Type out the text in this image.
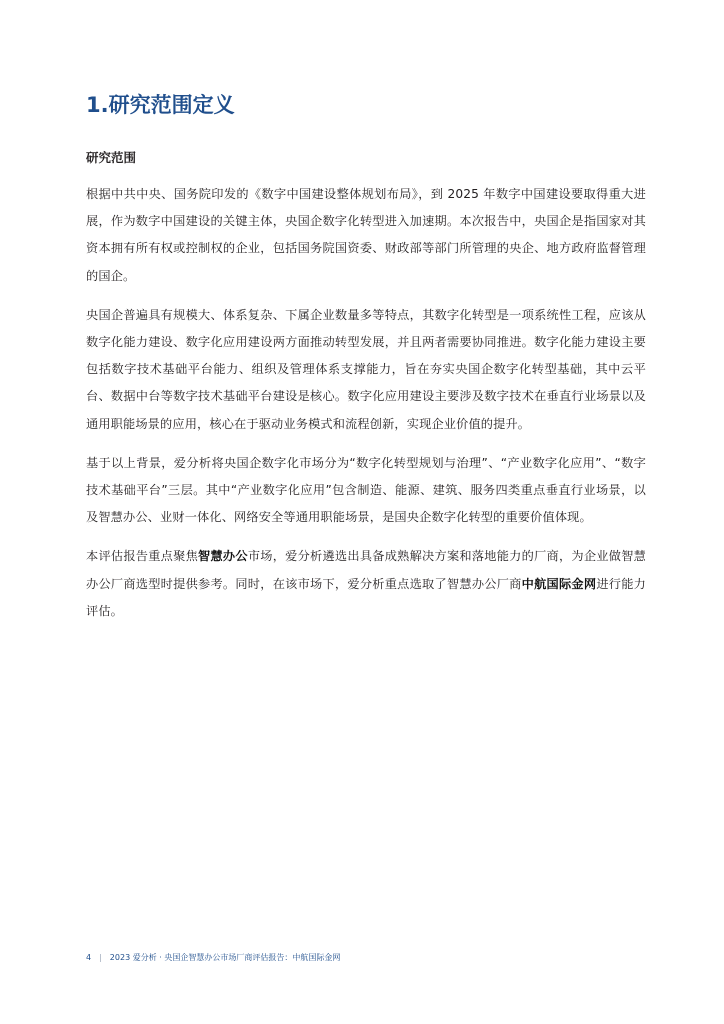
1.研究范围定义
研究范围

根据中共中央、国务院印发的《数字中国建设整体规划布局》，到 2025 年数字中国建设要取得重大进展，作为数字中国建设的关键主体，央国企数字化转型进入加速期。本次报告中，央国企是指国家对其资本拥有所有权或控制权的企业，包括国务院国资委、财政部等部门所管理的央企、地方政府监督管理的国企。

央国企普遍具有规模大、体系复杂、下属企业数量多等特点，其数字化转型是一项系统性工程，应该从数字化能力建设、数字化应用建设两方面推动转型发展，并且两者需要协同推进。数字化能力建设主要包括数字技术基础平台能力、组织及管理体系支撑能力，旨在夯实央国企数字化转型基础，其中云平台、数据中台等数字技术基础平台建设是核心。数字化应用建设主要涉及数字技术在垂直行业场景以及通用职能场景的应用，核心在于驱动业务模式和流程创新，实现企业价值的提升。

基于以上背景，爱分析将央国企数字化市场分为“数字化转型规划与治理”、“产业数字化应用”、“数字技术基础平台”三层。其中“产业数字化应用”包含制造、能源、建筑、服务四类重点垂直行业场景，以及智慧办公、业财一体化、网络安全等通用职能场景，是国央企数字化转型的重要价值体现。

本评估报告重点聚焦智慧办公市场，爱分析遴选出具备成熟解决方案和落地能力的厂商，为企业做智慧办公厂商选型时提供参考。同时，在该市场下，爱分析重点选取了智慧办公厂商中航国际金网进行能力评估。

4 | 2023 爱分析 · 央国企智慧办公市场厂商评估报告：中航国际金网
